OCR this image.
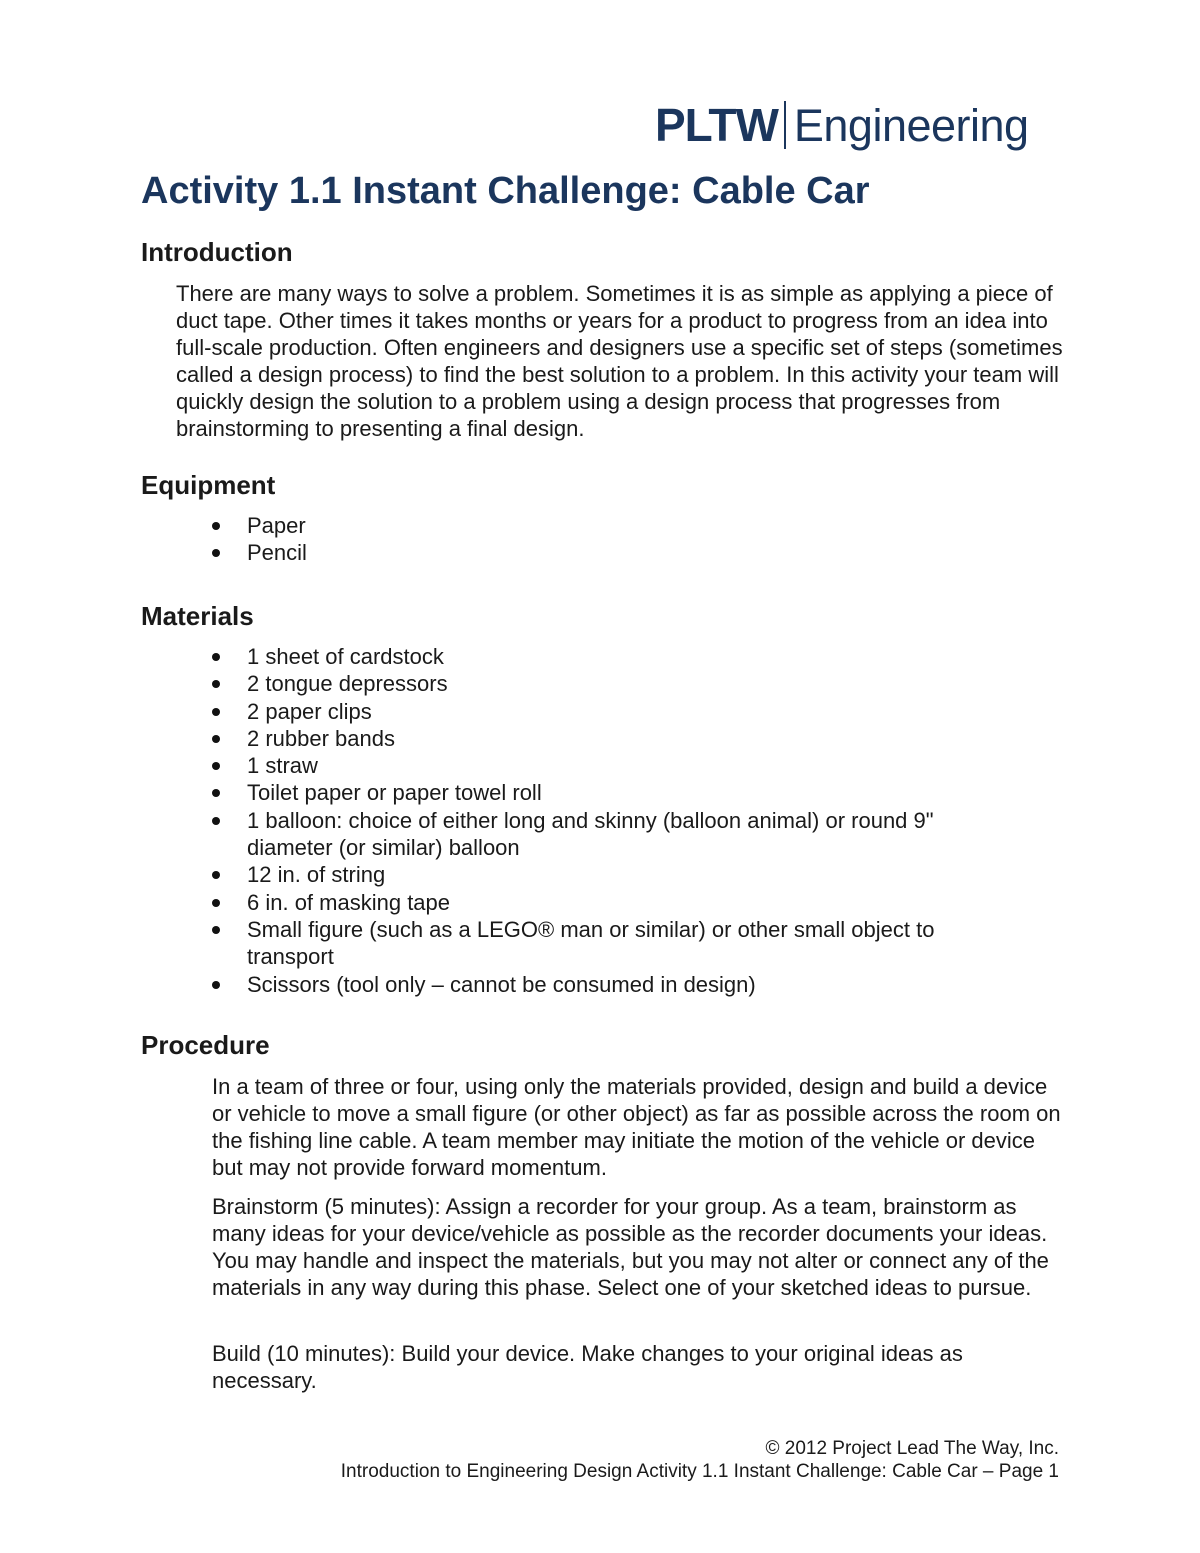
PLTW Engineering
Activity 1.1 Instant Challenge: Cable Car
Introduction

There are many ways to solve a problem. Sometimes it is as simple as applying a piece of duct tape. Other times it takes months or years for a product to progress from an idea into full-scale production. Often engineers and designers use a specific set of steps (sometimes called a design process) to find the best solution to a problem. In this activity your team will quickly design the solution to a problem using a design process that progresses from brainstorming to presenting a final design.

Equipment
Paper
Pencil
Materials
1 sheet of cardstock
2 tongue depressors
2 paper clips
2 rubber bands
1 straw
Toilet paper or paper towel roll
1 balloon: choice of either long and skinny (balloon animal) or round 9" diameter (or similar) balloon
12 in. of string
6 in. of masking tape
Small figure (such as a LEGO® man or similar) or other small object to transport
Scissors (tool only – cannot be consumed in design)
Procedure

In a team of three or four, using only the materials provided, design and build a device or vehicle to move a small figure (or other object) as far as possible across the room on the fishing line cable. A team member may initiate the motion of the vehicle or device but may not provide forward momentum.

Brainstorm (5 minutes): Assign a recorder for your group. As a team, brainstorm as many ideas for your device/vehicle as possible as the recorder documents your ideas. You may handle and inspect the materials, but you may not alter or connect any of the materials in any way during this phase. Select one of your sketched ideas to pursue.

Build (10 minutes): Build your device. Make changes to your original ideas as necessary.

© 2012 Project Lead The Way, Inc.

Introduction to Engineering Design Activity 1.1 Instant Challenge: Cable Car – Page 1
